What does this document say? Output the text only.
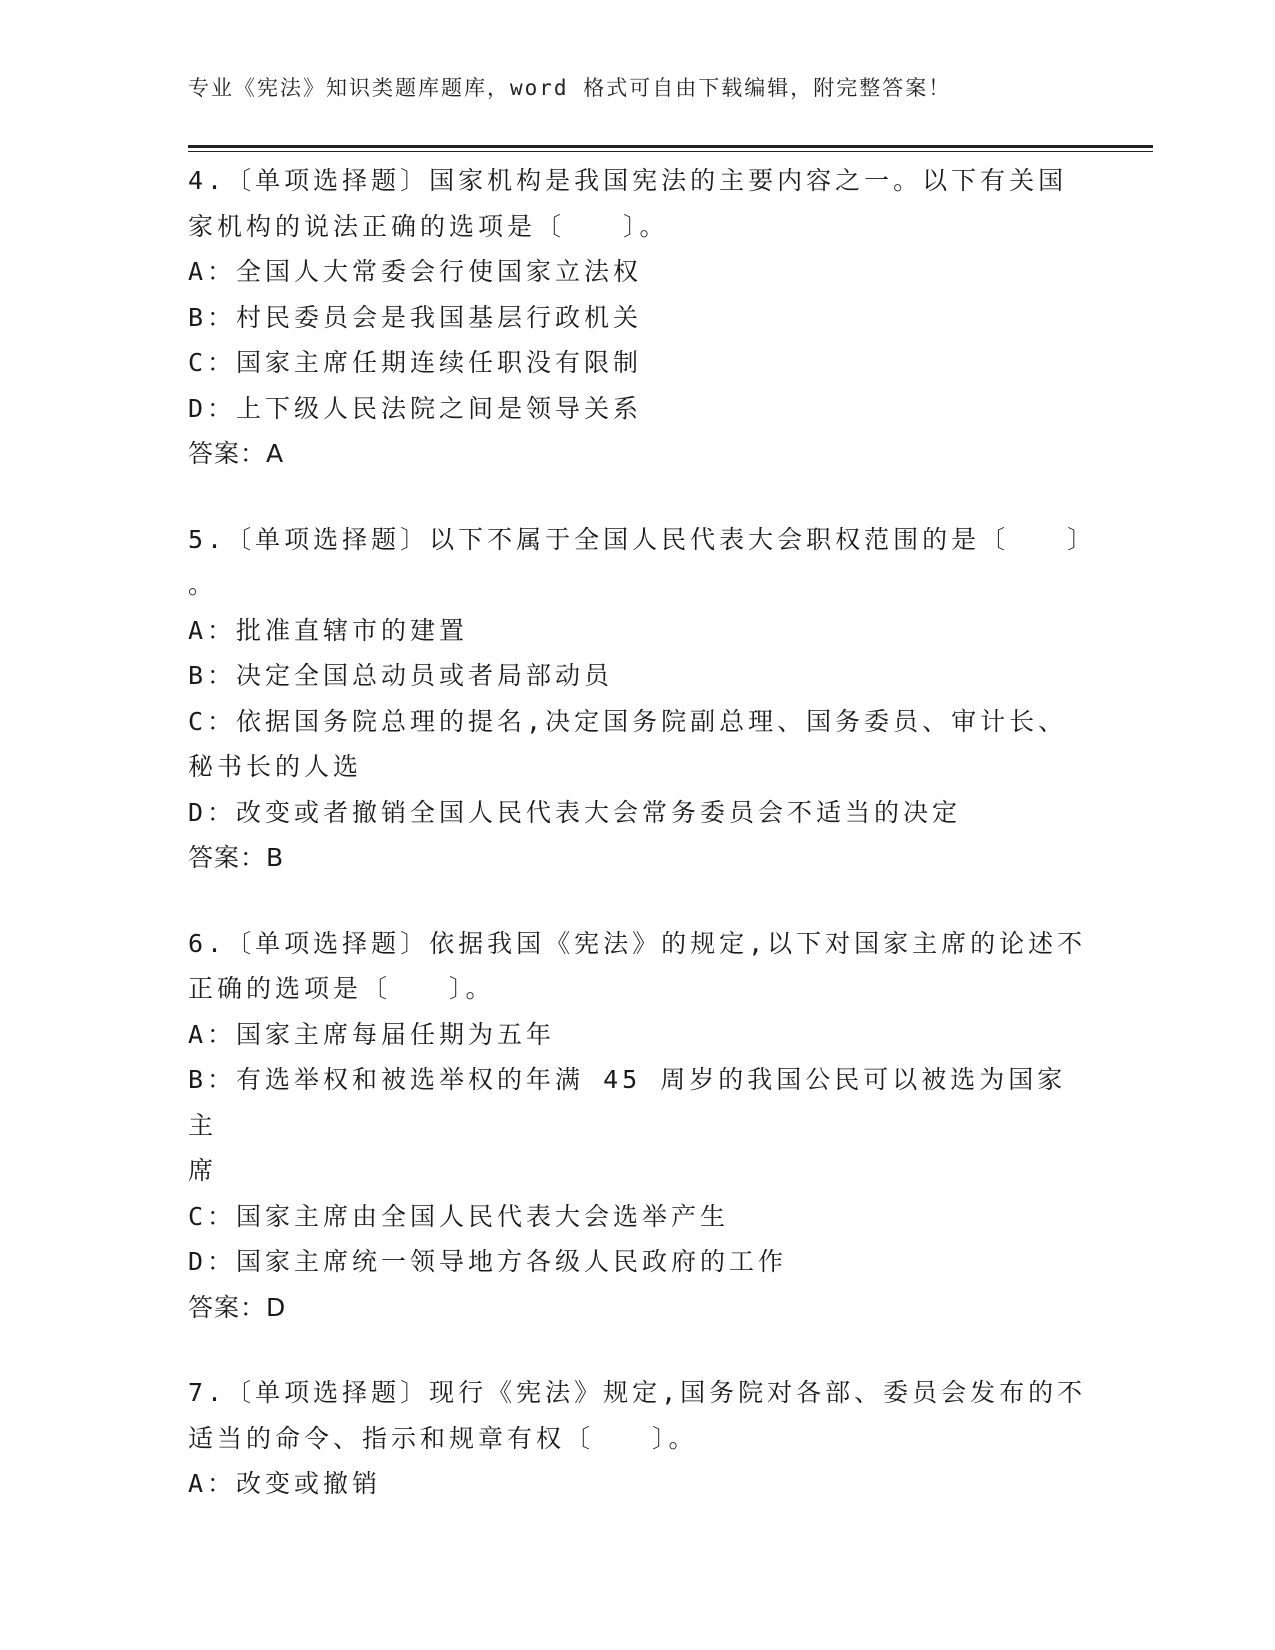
专业《宪法》知识类题库题库，word 格式可自由下载编辑，附完整答案！
4.〔单项选择题〕国家机构是我国宪法的主要内容之一。以下有关国
家机构的说法正确的选项是〔　　〕。
A：全国人大常委会行使国家立法权
B：村民委员会是我国基层行政机关
C：国家主席任期连续任职没有限制
D：上下级人民法院之间是领导关系
答案：A
5.〔单项选择题〕以下不属于全国人民代表大会职权范围的是〔　　〕
。
A：批准直辖市的建置
B：决定全国总动员或者局部动员
C：依据国务院总理的提名,决定国务院副总理、国务委员、审计长、
秘书长的人选
D：改变或者撤销全国人民代表大会常务委员会不适当的决定
答案：B
6.〔单项选择题〕依据我国《宪法》的规定,以下对国家主席的论述不
正确的选项是〔　　〕。
A：国家主席每届任期为五年
B：有选举权和被选举权的年满 45 周岁的我国公民可以被选为国家主
席
C：国家主席由全国人民代表大会选举产生
D：国家主席统一领导地方各级人民政府的工作
答案：D
7.〔单项选择题〕现行《宪法》规定,国务院对各部、委员会发布的不
适当的命令、指示和规章有权〔　　〕。
A：改变或撤销
